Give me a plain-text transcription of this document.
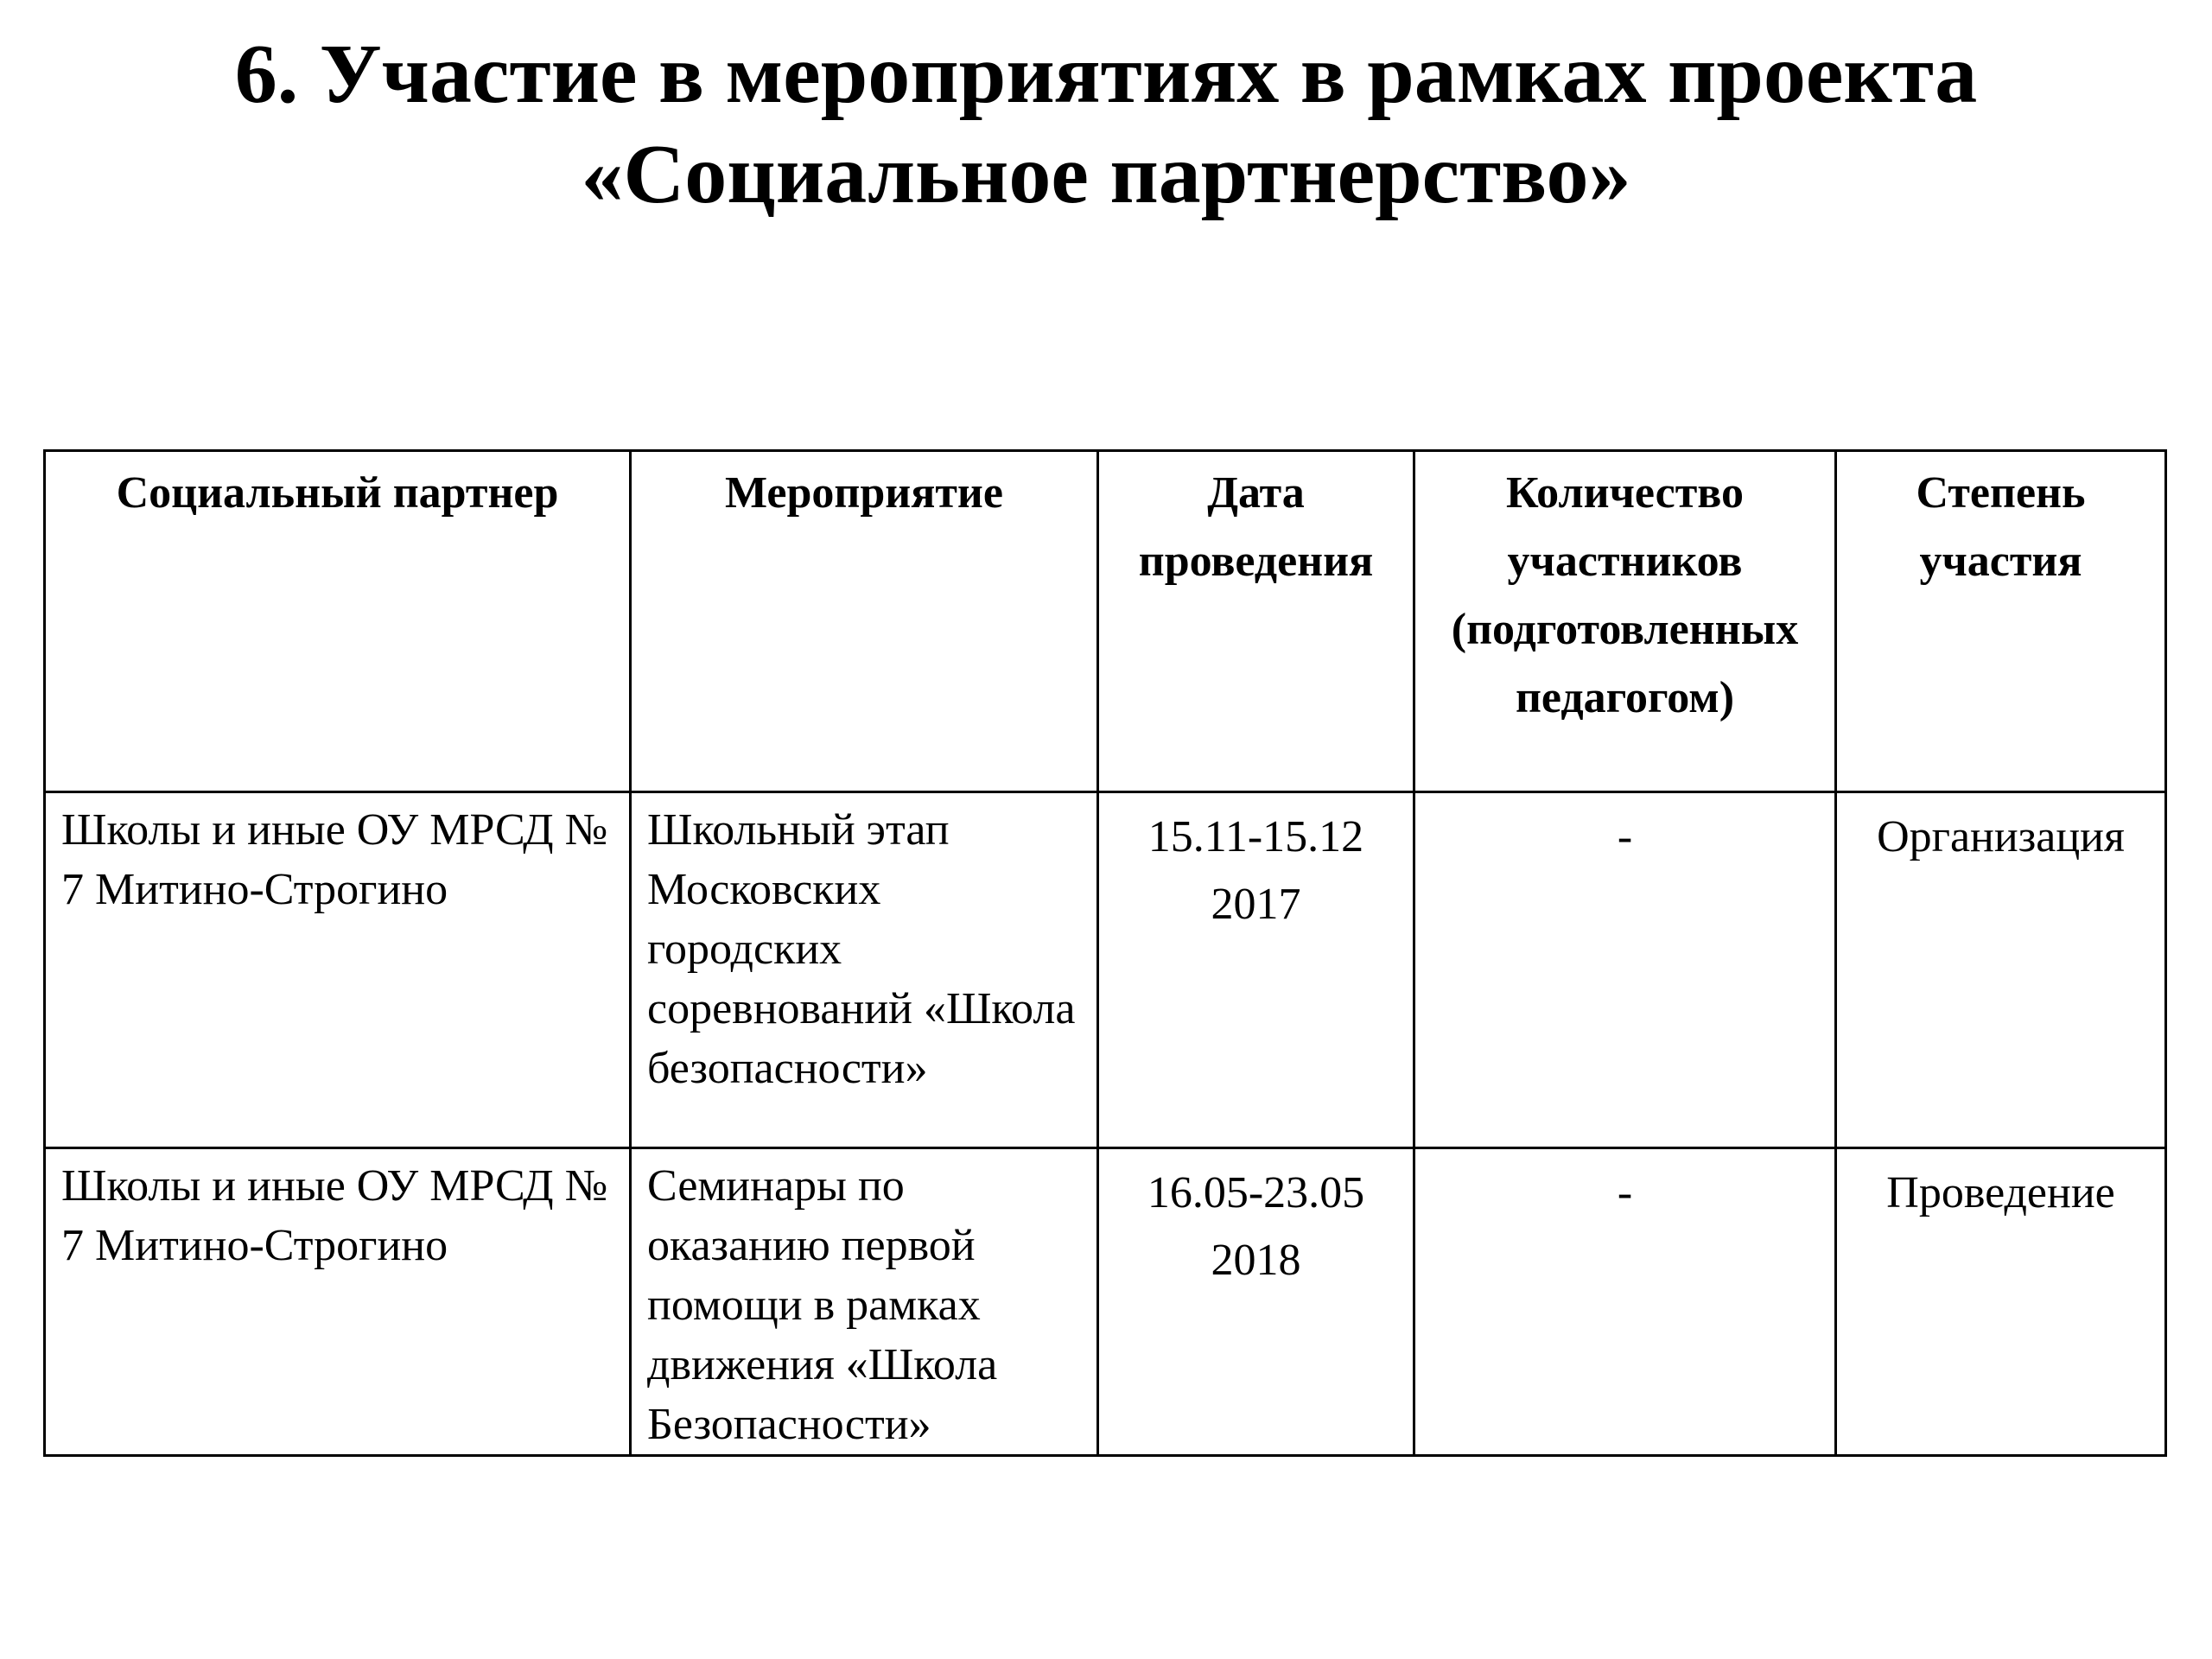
6. Участие в мероприятиях в рамках проекта
«Социальное партнерство»
Социальный партнер	Мероприятие	Дата проведения	Количество участников (подготовленных педагогом)	Степень участия

Школы и иные ОУ МРСД № 7 Митино-Строгино	Школьный этап Московских городских соревнований «Школа безопасности»	15.11-15.12 2017	-	Организация

Школы и иные ОУ МРСД № 7 Митино-Строгино	Семинары по оказанию первой помощи в рамках движения «Школа Безопасности»	16.05-23.05 2018	-	Проведение
